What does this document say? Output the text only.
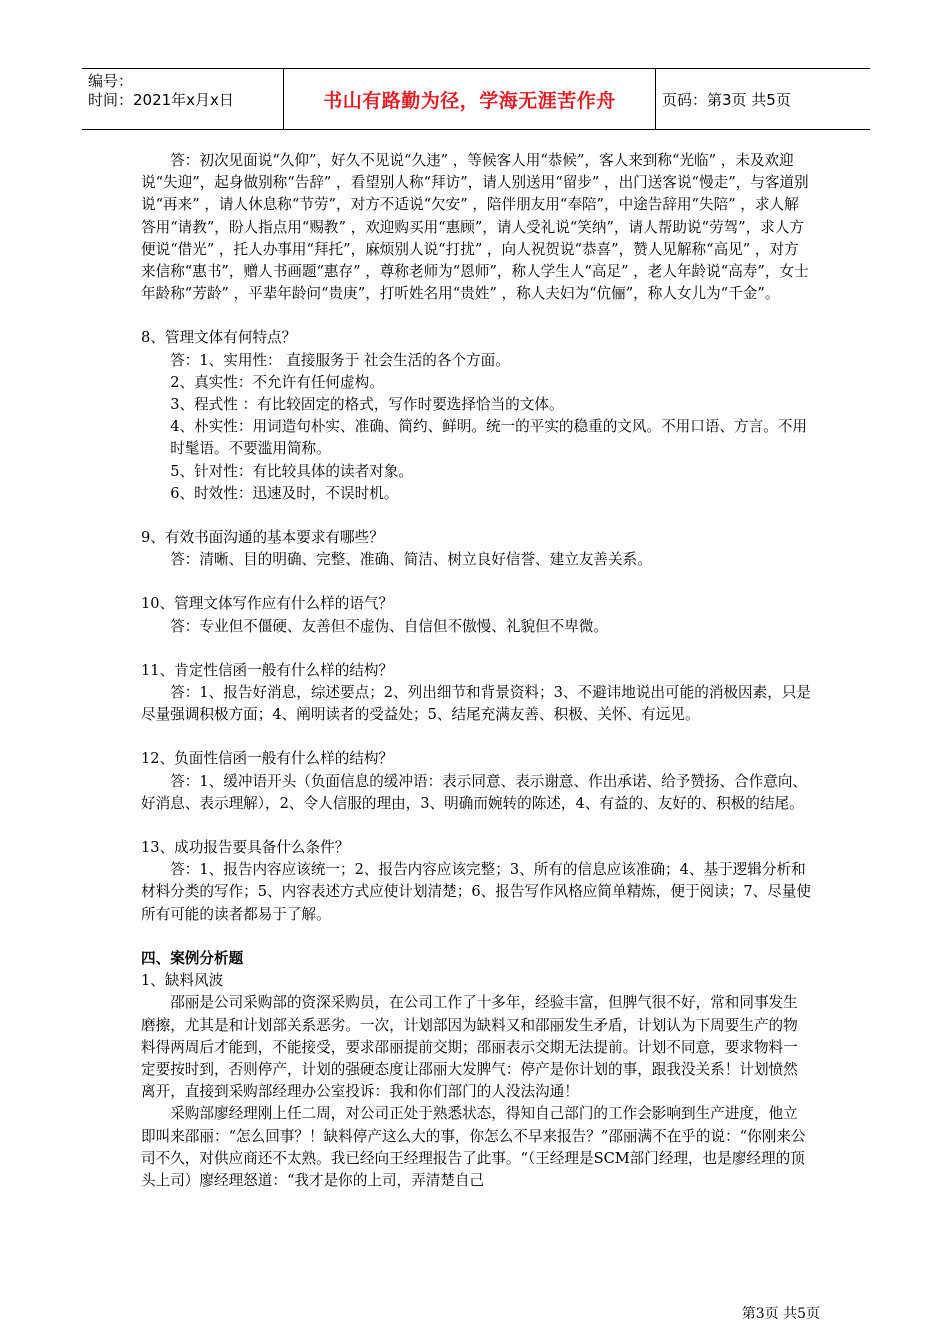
编号：
时间：2021年x月x日	书山有路勤为径，学海无涯苦作舟	页码：第3页 共5页

答：初次见面说“久仰”，好久不见说“久违” ，等候客人用“恭候”，客人来到称“光临” ，未及欢迎说“失迎”，起身做别称“告辞” ，看望别人称“拜访”，请人别送用“留步” ，出门送客说“慢走”，与客道别说“再来” ，请人休息称“节劳”，对方不适说“欠安” ，陪伴朋友用“奉陪”，中途告辞用“失陪” ，求人解答用“请教”，盼人指点用“赐教” ，欢迎购买用“惠顾”，请人受礼说“笑纳”，请人帮助说“劳驾”，求人方便说“借光” ，托人办事用“拜托”，麻烦别人说“打扰” ，向人祝贺说“恭喜”，赞人见解称“高见” ，对方来信称“惠书”，赠人书画题“惠存” ，尊称老师为“恩师”，称人学生人“高足” ，老人年龄说“高寿”，女士年龄称“芳龄” ，平辈年龄问“贵庚”，打听姓名用“贵姓” ，称人夫妇为“伉俪”，称人女儿为“千金”。

8、管理文体有何特点？

答：1、实用性： 直接服务于 社会生活的各个方面。

2、真实性：不允许有任何虚构。

3、程式性 ：有比较固定的格式，写作时要选择恰当的文体。

4、朴实性：用词造句朴实、准确、简约、鲜明。统一的平实的稳重的文风。不用口语、方言。不用时髦语。不要滥用简称。

5、针对性：有比较具体的读者对象。

6、时效性：迅速及时，不误时机。

9、有效书面沟通的基本要求有哪些？

答：清晰、目的明确、完整、准确、简洁、树立良好信誉、建立友善关系。

10、管理文体写作应有什么样的语气？

答：专业但不僵硬、友善但不虚伪、自信但不傲慢、礼貌但不卑微。

11、肯定性信函一般有什么样的结构？

答：1、报告好消息，综述要点；2、列出细节和背景资料；3、不避讳地说出可能的消极因素，只是尽量强调积极方面；4、阐明读者的受益处；5、结尾充满友善、积极、关怀、有远见。

12、负面性信函一般有什么样的结构？

答：1、缓冲语开头（负面信息的缓冲语：表示同意、表示谢意、作出承诺、给予赞扬、合作意向、好消息、表示理解），2、令人信服的理由，3、明确而婉转的陈述，4、有益的、友好的、积极的结尾。

13、成功报告要具备什么条件？

答：1、报告内容应该统一；2、报告内容应该完整；3、所有的信息应该准确；4、基于逻辑分析和材料分类的写作；5、内容表述方式应使计划清楚；6、报告写作风格应简单精炼，便于阅读；7、尽量使所有可能的读者都易于了解。

四、案例分析题

1、缺料风波

邵丽是公司采购部的资深采购员，在公司工作了十多年，经验丰富，但脾气很不好，常和同事发生磨擦，尤其是和计划部关系恶劣。一次，计划部因为缺料又和邵丽发生矛盾，计划认为下周要生产的物料得两周后才能到，不能接受，要求邵丽提前交期；邵丽表示交期无法提前。计划不同意，要求物料一定要按时到，否则停产，计划的强硬态度让邵丽大发脾气：停产是你计划的事，跟我没关系！计划愤然离开，直接到采购部经理办公室投诉：我和你们部门的人没法沟通！

采购部廖经理刚上任二周，对公司正处于熟悉状态，得知自己部门的工作会影响到生产进度，他立即叫来邵丽：“怎么回事？！缺料停产这么大的事，你怎么不早来报告？”邵丽满不在乎的说：“你刚来公司不久，对供应商还不太熟。我已经向王经理报告了此事。“（王经理是SCM部门经理，也是廖经理的顶头上司）廖经理怒道：“我才是你的上司，弄清楚自己

第3页 共5页
